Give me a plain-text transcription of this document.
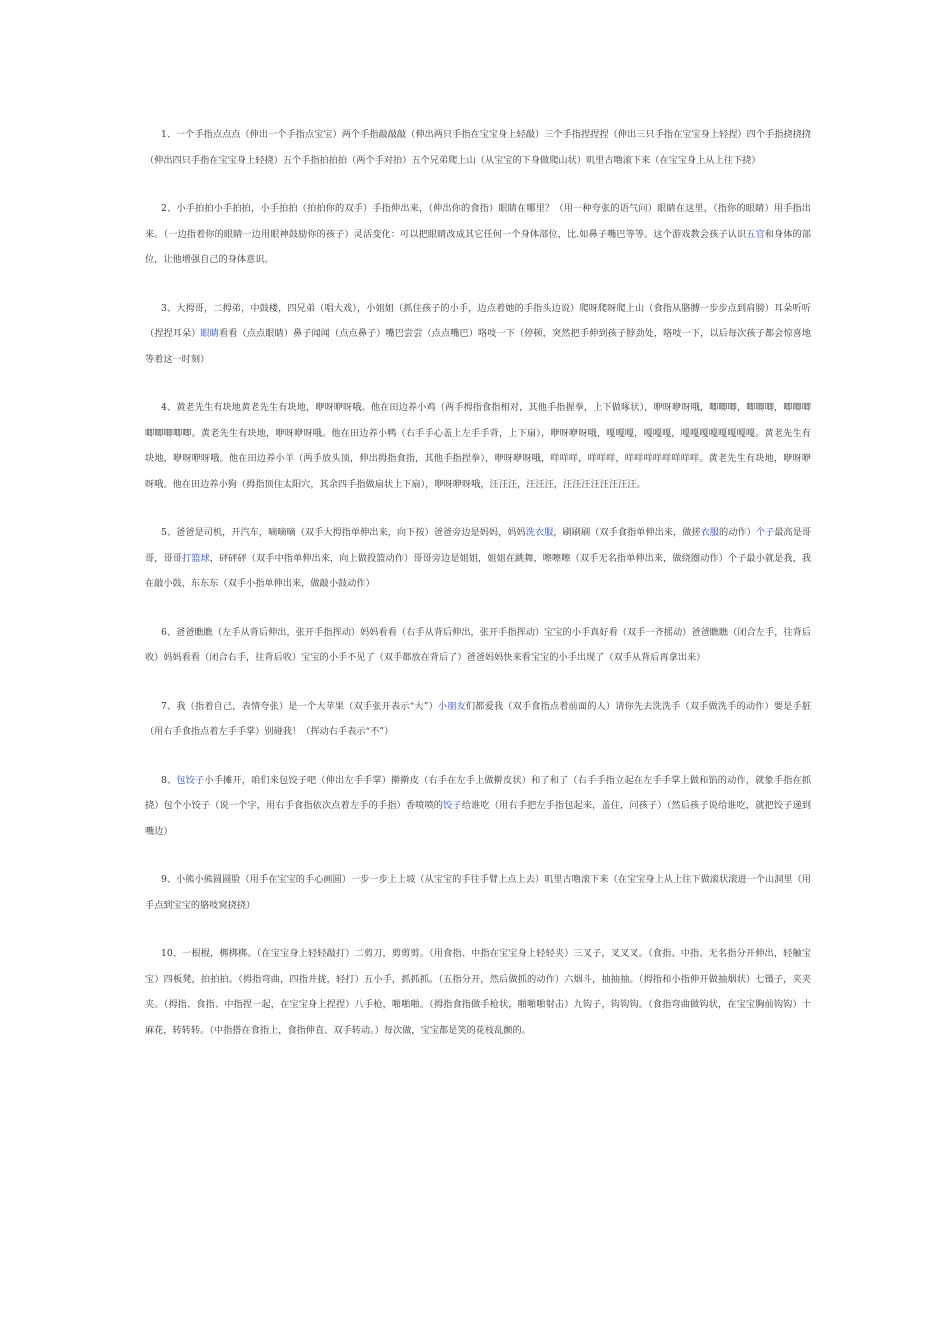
1、一个手指点点点（伸出一个手指点宝宝）两个手指敲敲敲（伸出两只手指在宝宝身上轻敲）三个手指捏捏捏（伸出三只手指在宝宝身上轻捏）四个手指挠挠挠（伸出四只手指在宝宝身上轻挠）五个手指拍拍拍（两个手对拍）五个兄弟爬上山（从宝宝的下身做爬山状）叽里古噜滚下来（在宝宝身上从上往下挠）

2、小手拍拍小手拍拍，小手拍拍（拍拍你的双手）手指伸出来，（伸出你的食指）眼睛在哪里？（用一种夸张的语气问）眼睛在这里，（指你的眼睛）用手指出来。（一边指着你的眼睛一边用眼神鼓励你的孩子）灵活变化：可以把眼睛改成其它任何一个身体部位，比.如鼻子嘴巴等等。这个游戏教会孩子认识五官和身体的部位，让他增强自己的身体意识。

3、大拇哥，二拇弟，中鼓楼，四兄弟（唱大戏），小姐姐（抓住孩子的小手，边点着她的手指头边说）爬呀爬呀爬上山（食指从胳膊一步步点到肩膀）耳朵听听（捏捏耳朵）眼睛看看（点点眼睛）鼻子闻闻（点点鼻子）嘴巴尝尝（点点嘴巴）咯吱一下（停顿，突然把手伸到孩子脖劲处，咯吱一下，以后每次孩子都会惊喜地等着这一时刻）

4、黄老先生有块地黄老先生有块地，咿呀咿呀哦。他在田边养小鸡（两手拇指食指相对，其他手指握拳，上下做啄状），咿呀咿呀哦，唧唧唧，唧唧唧，唧唧唧唧唧唧唧唧。黄老先生有块地，咿呀咿呀哦。他在田边养小鸭（右手手心盖上左手手背，上下扇），咿呀咿呀哦，嘎嘎嘎，嘎嘎嘎，嘎嘎嘎嘎嘎嘎嘎嘎。黄老先生有块地，咿呀咿呀哦。他在田边养小羊（两手放头顶，伸出拇指食指，其他手指捏拳），咿呀咿呀哦，咩咩咩，咩咩咩，咩咩咩咩咩咩咩咩。黄老先生有块地，咿呀咿呀哦。他在田边养小狗（拇指顶住太阳穴，其余四手指做扇状上下扇），咿呀咿呀哦，汪汪汪，汪汪汪，汪汪汪汪汪汪汪汪。

5、爸爸是司机，开汽车，嘀嘀嘀（双手大拇指单伸出来，向下按）爸爸旁边是妈妈，妈妈洗衣服，刷刷刷（双手食指单伸出来，做搓衣服的动作）个子最高是哥哥，哥哥打篮球，砰砰砰（双手中指单伸出来，向上做投篮动作）哥哥旁边是姐姐，姐姐在跳舞，嚓嚓嚓（双手无名指单伸出来，做绕圈动作）个子最小就是我，我在敲小鼓，东东东（双手小指单伸出来，做敲小鼓动作）

6、爸爸瞧瞧（左手从背后伸出，张开手指挥动）妈妈看看（右手从背后伸出，张开手指挥动）宝宝的小手真好看（双手一齐摇动）爸爸瞧瞧（闭合左手，往背后收）妈妈看看（闭合右手，往背后收）宝宝的小手不见了（双手都放在背后了）爸爸妈妈快来看宝宝的小手出现了（双手从背后再拿出来）

7、我（指着自己，表情夸张）是一个大苹果（双手张开表示“大”）小朋友们都爱我（双手食指点着前面的人）请你先去洗洗手（双手做洗手的动作）要是手脏（用右手食指点着左手手掌）别碰我！（挥动右手表示“不”）

8、包饺子小手摊开，咱们来包饺子吧（伸出左手手掌）擀擀皮（右手在左手上做擀皮状）和了和了（右手手指立起在左手手掌上做和馅的动作，就象手指在抓挠）包个小饺子（说一个字，用右手食指依次点着左手的手指）香喷喷的饺子给谁吃（用右手把左手指包起来，盖住，问孩子）（然后孩子说给谁吃，就把饺子递到嘴边）

9、小熊小熊圆圆脸（用手在宝宝的手心画圆）一步一步上上坡（从宝宝的手往手臂上点上去）叽里古噜滚下来（在宝宝身上从上往下做滚状滚进一个山洞里（用手点到宝宝的胳吱窝挠挠）

10、一根棍，梆梆梆。（在宝宝身上轻轻敲打）二剪刀，剪剪剪。（用食指、中指在宝宝身上轻轻夹）三叉子，叉叉叉。（食指、中指、无名指分开伸出，轻触宝宝）四板凳，拍拍拍。（拇指弯曲，四指并拢，轻打）五小手，抓抓抓。（五指分开，然后做抓的动作）六烟斗，抽抽抽。（拇指和小指伸开做抽烟状）七镊子，夹夹夹。（拇指、食指、中指捏一起，在宝宝身上捏捏）八手枪，啪啪啪。（拇指食指做手枪状，啪啪啪射击）九钩子，钩钩钩。（食指弯曲做钩状，在宝宝胸前钩钩）十麻花，转转转。（中指搭在食指上，食指伸直、双手转动。）每次做，宝宝都是笑的花枝乱颤的。
